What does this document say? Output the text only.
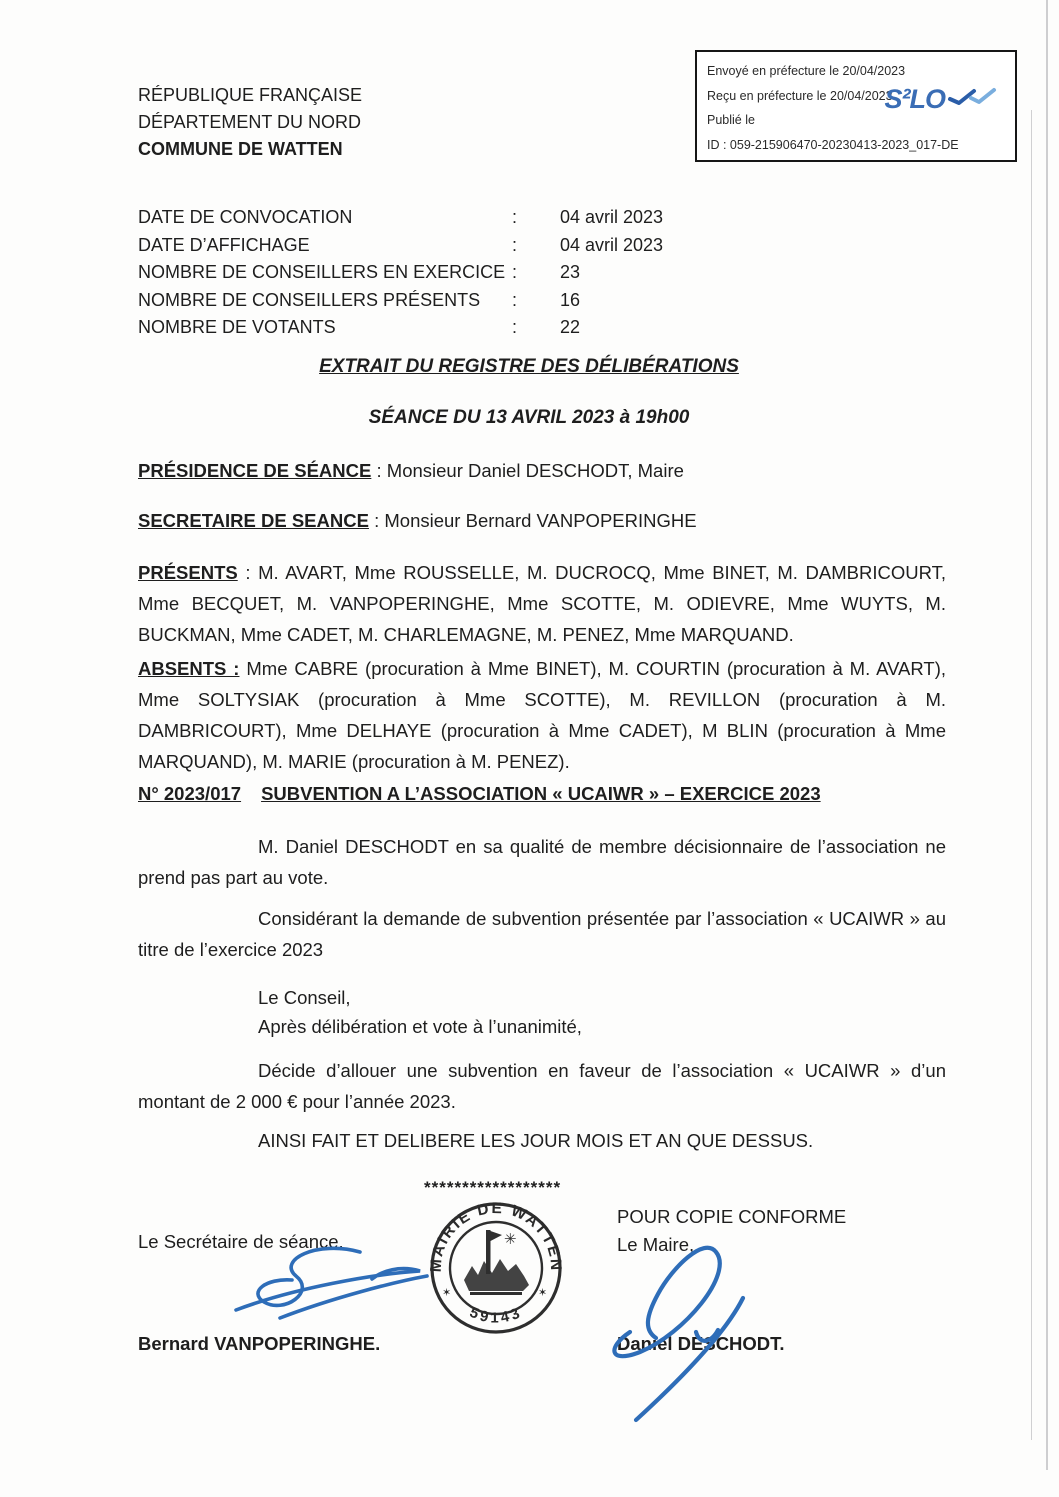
Envoyé en préfecture le 20/04/2023
Reçu en préfecture le 20/04/2023
Publié le
ID : 059-215906470-20230413-2023_017-DE
S²LO
RÉPUBLIQUE FRANÇAISE
DÉPARTEMENT DU NORD
COMMUNE DE WATTEN
DATE DE CONVOCATION	:	04 avril 2023
DATE D’AFFICHAGE	:	04 avril 2023
NOMBRE DE CONSEILLERS EN EXERCICE :	23
NOMBRE DE CONSEILLERS PRÉSENTS	:	16
NOMBRE DE VOTANTS	:	22
EXTRAIT DU REGISTRE DES DÉLIBÉRATIONS
SÉANCE DU 13 AVRIL 2023 à 19h00
PRÉSIDENCE DE SÉANCE : Monsieur Daniel DESCHODT, Maire
SECRETAIRE DE SEANCE : Monsieur Bernard VANPOPERINGHE
PRÉSENTS : M. AVART, Mme ROUSSELLE, M. DUCROCQ, Mme BINET, M. DAMBRICOURT, Mme BECQUET, M. VANPOPERINGHE, Mme SCOTTE, M. ODIEVRE, Mme WUYTS, M. BUCKMAN, Mme CADET, M. CHARLEMAGNE, M. PENEZ, Mme MARQUAND.
ABSENTS : Mme CABRE (procuration à Mme BINET), M. COURTIN (procuration à M. AVART), Mme SOLTYSIAK (procuration à Mme SCOTTE), M. REVILLON (procuration à M. DAMBRICOURT), Mme DELHAYE (procuration à Mme CADET), M BLIN (procuration à Mme MARQUAND), M. MARIE (procuration à M. PENEZ).
N° 2023/017 SUBVENTION A L’ASSOCIATION « UCAIWR » – EXERCICE 2023
M. Daniel DESCHODT en sa qualité de membre décisionnaire de l’association ne prend pas part au vote.
Considérant la demande de subvention présentée par l’association « UCAIWR » au titre de l’exercice 2023
Le Conseil,
Après délibération et vote à l’unanimité,
Décide d’allouer une subvention en faveur de l’association « UCAIWR » d’un montant de 2 000 € pour l’année 2023.
AINSI FAIT ET DELIBERE LES JOUR MOIS ET AN QUE DESSUS.
******************
Le Secrétaire de séance,
POUR COPIE CONFORME
Le Maire,
Bernard VANPOPERINGHE.	Daniel DESCHODT.
MAIRIE DE WATTEN
59143
✶	✶
✳
